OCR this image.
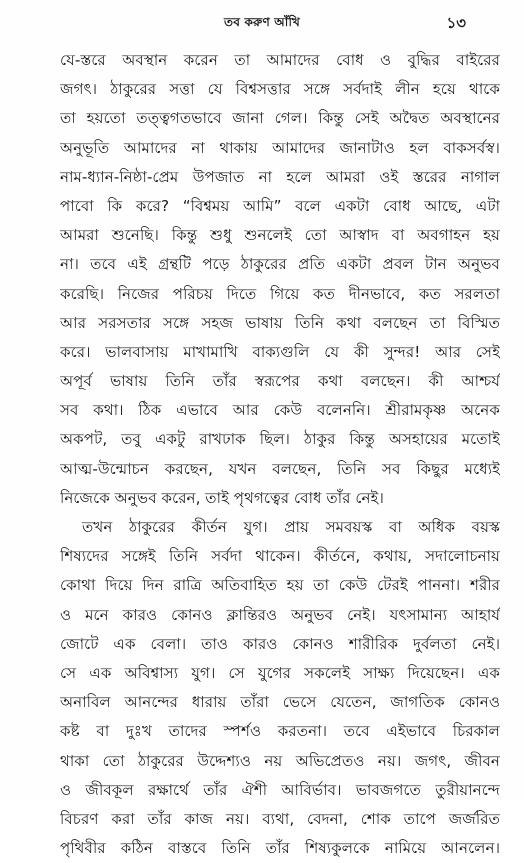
তব করুণ আঁখি	১৩
যে-স্তরে অবস্থান করেন তা আমাদের বোধ ও বুদ্ধির বাইরের
জগৎ। ঠাকুরের সত্তা যে বিশ্বসত্তার সঙ্গে সর্বদাই লীন হয়ে থাকে
তা হয়তো তত্ত্বগতভাবে জানা গেল। কিন্তু সেই অদ্বৈত অবস্থানের
অনুভূতি আমাদের না থাকায় আমাদের জানাটাও হল বাকসর্বস্ব।
নাম-ধ্যান-নিষ্ঠা-প্রেম উপজাত না হলে আমরা ওই স্তরের নাগাল
পাবো কি করে? “বিশ্বময় আমি” বলে একটা বোধ আছে, এটা
আমরা শুনেছি। কিন্তু শুধু শুনলেই তো আস্বাদ বা অবগাহন হয়
না। তবে এই গ্রন্থটি পড়ে ঠাকুরের প্রতি একটা প্রবল টান অনুভব
করেছি। নিজের পরিচয় দিতে গিয়ে কত দীনভাবে, কত সরলতা
আর সরসতার সঙ্গে সহজ ভাষায় তিনি কথা বলছেন তা বিস্মিত
করে। ভালবাসায় মাখামাখি বাক্যগুলি যে কী সুন্দর! আর সেই
অপূর্ব ভাষায় তিনি তাঁর স্বরূপের কথা বলছেন। কী আশ্চর্য
সব কথা। ঠিক এভাবে আর কেউ বলেননি। শ্রীরামকৃষ্ণ অনেক
অকপট, তবু একটু রাখঢাক ছিল। ঠাকুর কিন্তু অসহায়ের মতোই
আত্ম-উন্মোচন করছেন, যখন বলছেন, তিনি সব কিছুর মধ্যেই
নিজেকে অনুভব করেন, তাই পৃথগত্বের বোধ তাঁর নেই।
তখন ঠাকুরের কীর্তন যুগ। প্রায় সমবয়স্ক বা অধিক বয়স্ক
শিষ্যদের সঙ্গেই তিনি সর্বদা থাকেন। কীর্তনে, কথায়, সদালোচনায়
কোথা দিয়ে দিন রাত্রি অতিবাহিত হয় তা কেউ টেরই পাননা। শরীর
ও মনে কারও কোনও ক্লান্তিরও অনুভব নেই। যৎসামান্য আহার্য
জোটে এক বেলা। তাও কারও কোনও শারীরিক দুর্বলতা নেই।
সে এক অবিশ্বাস্য যুগ। সে যুগের সকলেই সাক্ষ্য দিয়েছেন। এক
অনাবিল আনন্দের ধারায় তাঁরা ভেসে যেতেন, জাগতিক কোনও
কষ্ট বা দুঃখ তাদের স্পর্শও করতনা। তবে এইভাবে চিরকাল
থাকা তো ঠাকুরের উদ্দেশ্যও নয় অভিপ্রেতও নয়। জগৎ, জীবন
ও জীবকূল রক্ষার্থে তাঁর ঐশী আবির্ভাব। ভাবজগতে তুরীয়ানন্দে
বিচরণ করা তাঁর কাজ নয়। ব্যথা, বেদনা, শোক তাপে জর্জরিত
পৃথিবীর কঠিন বাস্তবে তিনি তাঁর শিষ্যকুলকে নামিয়ে আনলেন।
